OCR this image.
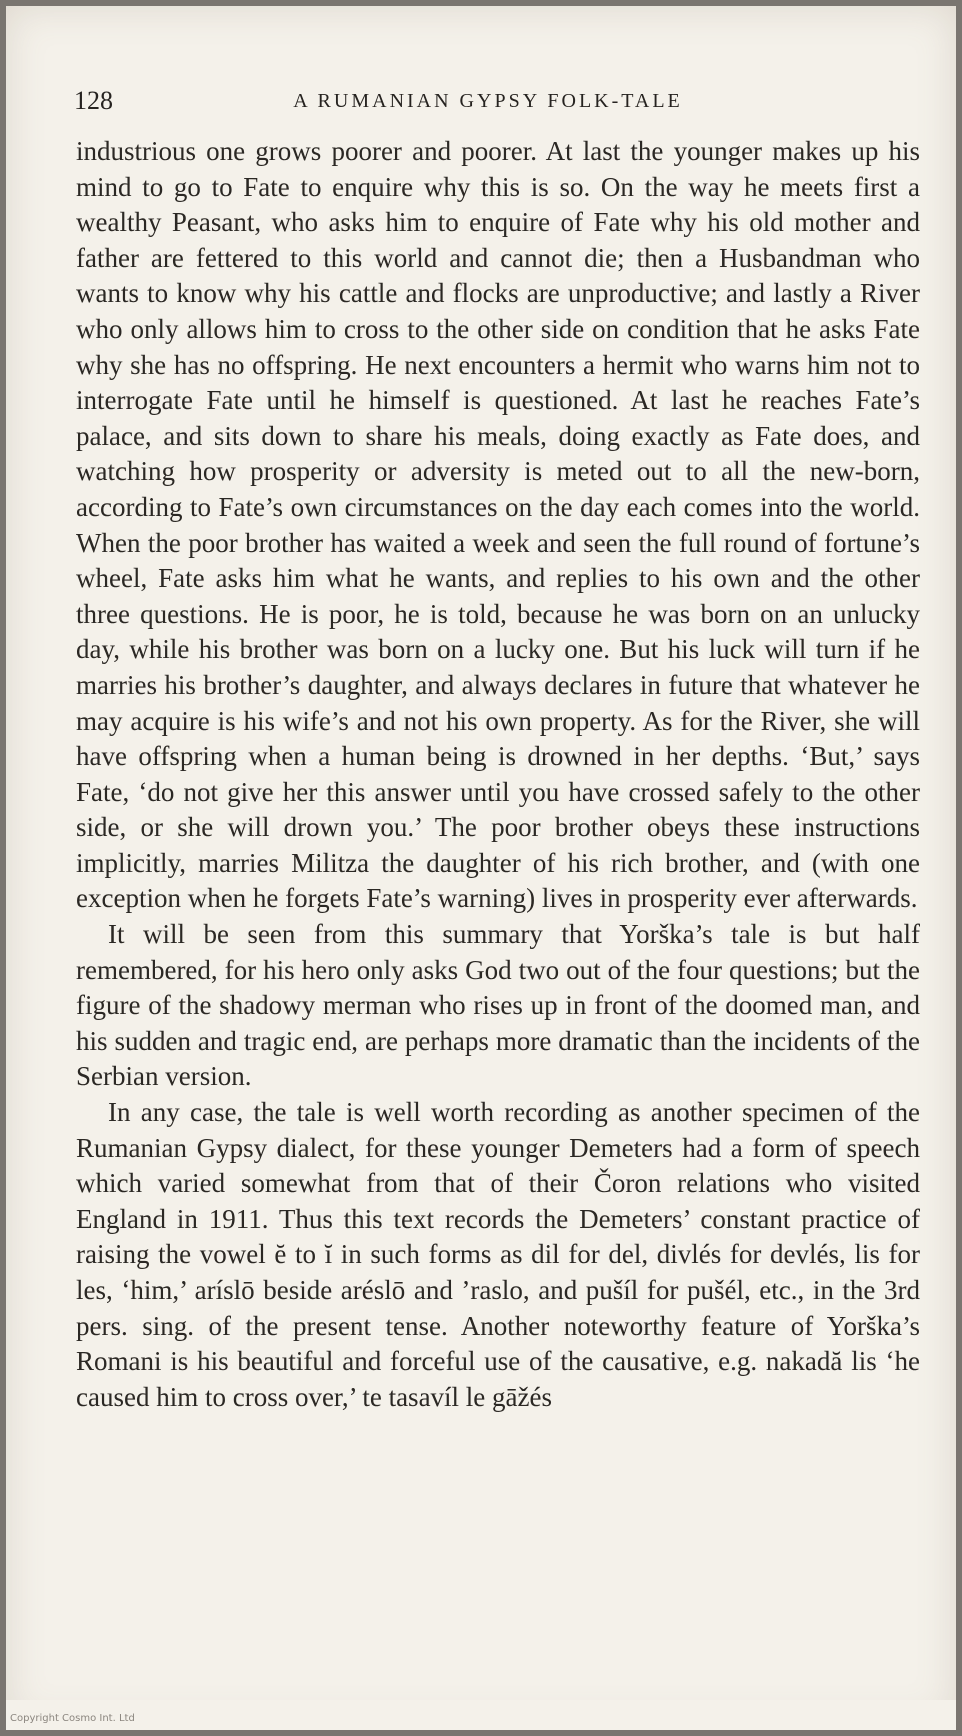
128	A RUMANIAN GYPSY FOLK-TALE

industrious one grows poorer and poorer. At last the younger makes up his mind to go to Fate to enquire why this is so. On the way he meets first a wealthy Peasant, who asks him to enquire of Fate why his old mother and father are fettered to this world and cannot die; then a Husbandman who wants to know why his cattle and flocks are unproductive; and lastly a River who only allows him to cross to the other side on condition that he asks Fate why she has no offspring. He next encounters a hermit who warns him not to interrogate Fate until he himself is questioned. At last he reaches Fate’s palace, and sits down to share his meals, doing exactly as Fate does, and watching how prosperity or adversity is meted out to all the new-born, according to Fate’s own circumstances on the day each comes into the world. When the poor brother has waited a week and seen the full round of fortune’s wheel, Fate asks him what he wants, and replies to his own and the other three questions. He is poor, he is told, because he was born on an unlucky day, while his brother was born on a lucky one. But his luck will turn if he marries his brother’s daughter, and always declares in future that whatever he may acquire is his wife’s and not his own property. As for the River, she will have offspring when a human being is drowned in her depths. ‘But,’ says Fate, ‘do not give her this answer until you have crossed safely to the other side, or she will drown you.’ The poor brother obeys these instructions implicitly, marries Militza the daughter of his rich brother, and (with one exception when he forgets Fate’s warning) lives in prosperity ever afterwards.

It will be seen from this summary that Yorška’s tale is but half remembered, for his hero only asks God two out of the four questions; but the figure of the shadowy merman who rises up in front of the doomed man, and his sudden and tragic end, are perhaps more dramatic than the incidents of the Serbian version.

In any case, the tale is well worth recording as another specimen of the Rumanian Gypsy dialect, for these younger Demeters had a form of speech which varied somewhat from that of their Čoron relations who visited England in 1911. Thus this text records the Demeters’ constant practice of raising the vowel ĕ to ĭ in such forms as dil for del, divlés for devlés, lis for les, ‘him,’ aríslō beside aréslō and ’raslo, and pušíl for pušél, etc., in the 3rd pers. sing. of the present tense. Another noteworthy feature of Yorška’s Romani is his beautiful and forceful use of the causative, e.g. nakadă lis ‘he caused him to cross over,’ te tasavíl le gāžés

Copyright Cosmo Int. Ltd
